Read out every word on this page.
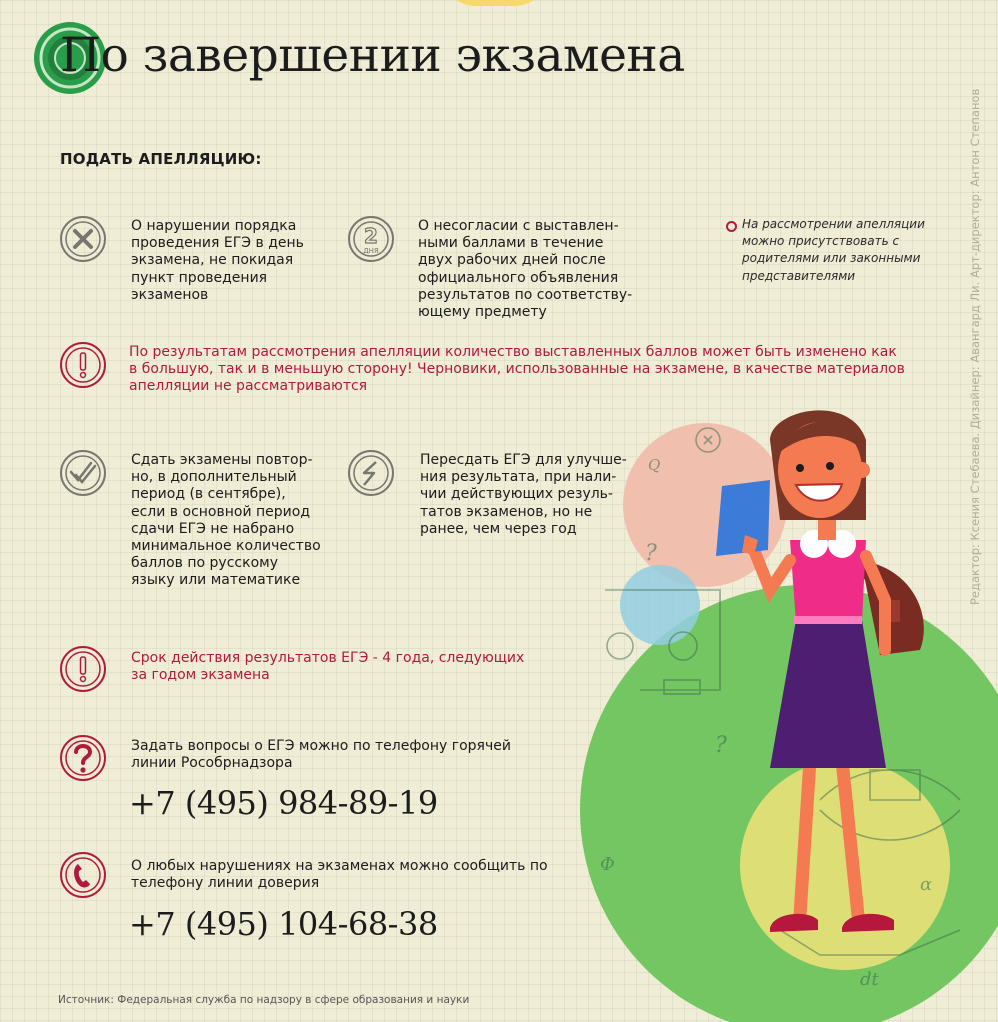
По завершении экзамена
Редактор: Ксения Стебаева. Дизайнер: Авангард Ли. Арт-директор: Антон Степанов
ПОДАТЬ АПЕЛЛЯЦИЮ:
О нарушении порядка
проведения ЕГЭ в день
экзамена, не покидая
пункт проведения
экзаменов
2
ДНЯ
О несогласии с выставлен-
ными баллами в течение
двух рабочих дней после
официального объявления
результатов по соответству-
ющему предмету
На рассмотрении апелляции
можно присутствовать с
родителями или законными
представителями
По результатам рассмотрения апелляции количество выставленных баллов может быть изменено как
в большую, так и в меньшую сторону! Черновики, использованные на экзамене, в качестве материалов
апелляции не рассматриваются
Сдать экзамены повтор-
но, в дополнительный
период (в сентябре),
если в основной период
сдачи ЕГЭ не набрано
минимальное количество
баллов по русскому
языку или математике
Пересдать ЕГЭ для улучше-
ния результата, при нали-
чии действующих резуль-
татов экзаменов, но не
ранее, чем через год
Срок действия результатов ЕГЭ - 4 года, следующих
за годом экзамена
Задать вопросы о ЕГЭ можно по телефону горячей
линии Рособрнадзора
+7 (495) 984-89-19
О любых нарушениях на экзаменах можно сообщить по
телефону линии доверия
+7 (495) 104-68-38
Источник: Федеральная служба по надзору в сфере образования и науки
Q
?
?
α
dt
Φ
